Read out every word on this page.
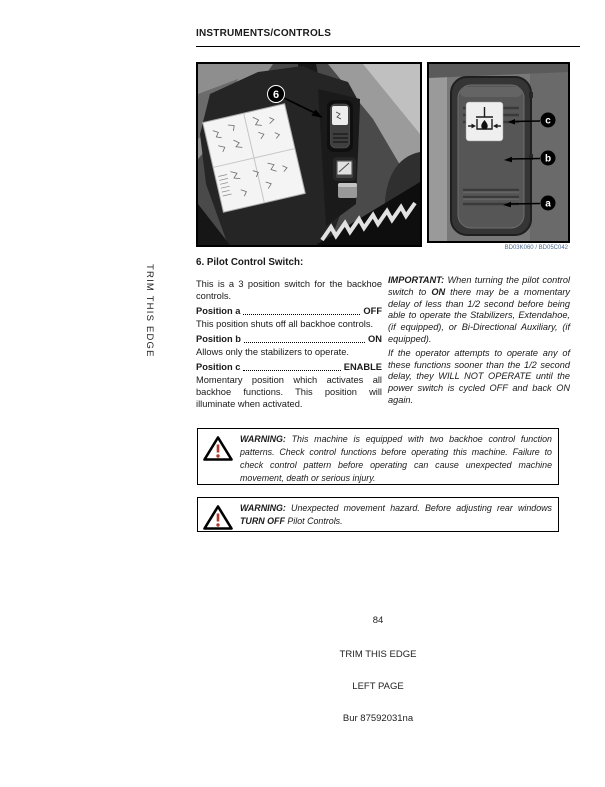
INSTRUMENTS/CONTROLS
TRIM THIS EDGE
6
c
b
a
BD03K060 / BD05C042
6. Pilot Control Switch:

This is a 3 position switch for the backhoe controls.

Position a	OFF

This position shuts off all backhoe controls.

Position b	ON

Allows only the stabilizers to operate.

Position c	ENABLE

Momentary position which activates all backhoe functions. This position will illuminate when activated.

IMPORTANT: When turning the pilot control switch to ON there may be a momentary delay of less than 1/2 second before being able to operate the Stabilizers, Extendahoe, (if equipped), or Bi-Directional Auxiliary, (if equipped).

If the operator attempts to operate any of these functions sooner than the 1/2 second delay, they WILL NOT OPERATE until the power switch is cycled OFF and back ON again.

WARNING: This machine is equipped with two backhoe control function patterns. Check control functions before operating this machine. Failure to check control pattern before operating can cause unexpected machine movement, death or serious injury.
WARNING: Unexpected movement hazard. Before adjusting rear windows TURN OFF Pilot Controls.
84
TRIM THIS EDGE
LEFT PAGE
Bur 87592031na
